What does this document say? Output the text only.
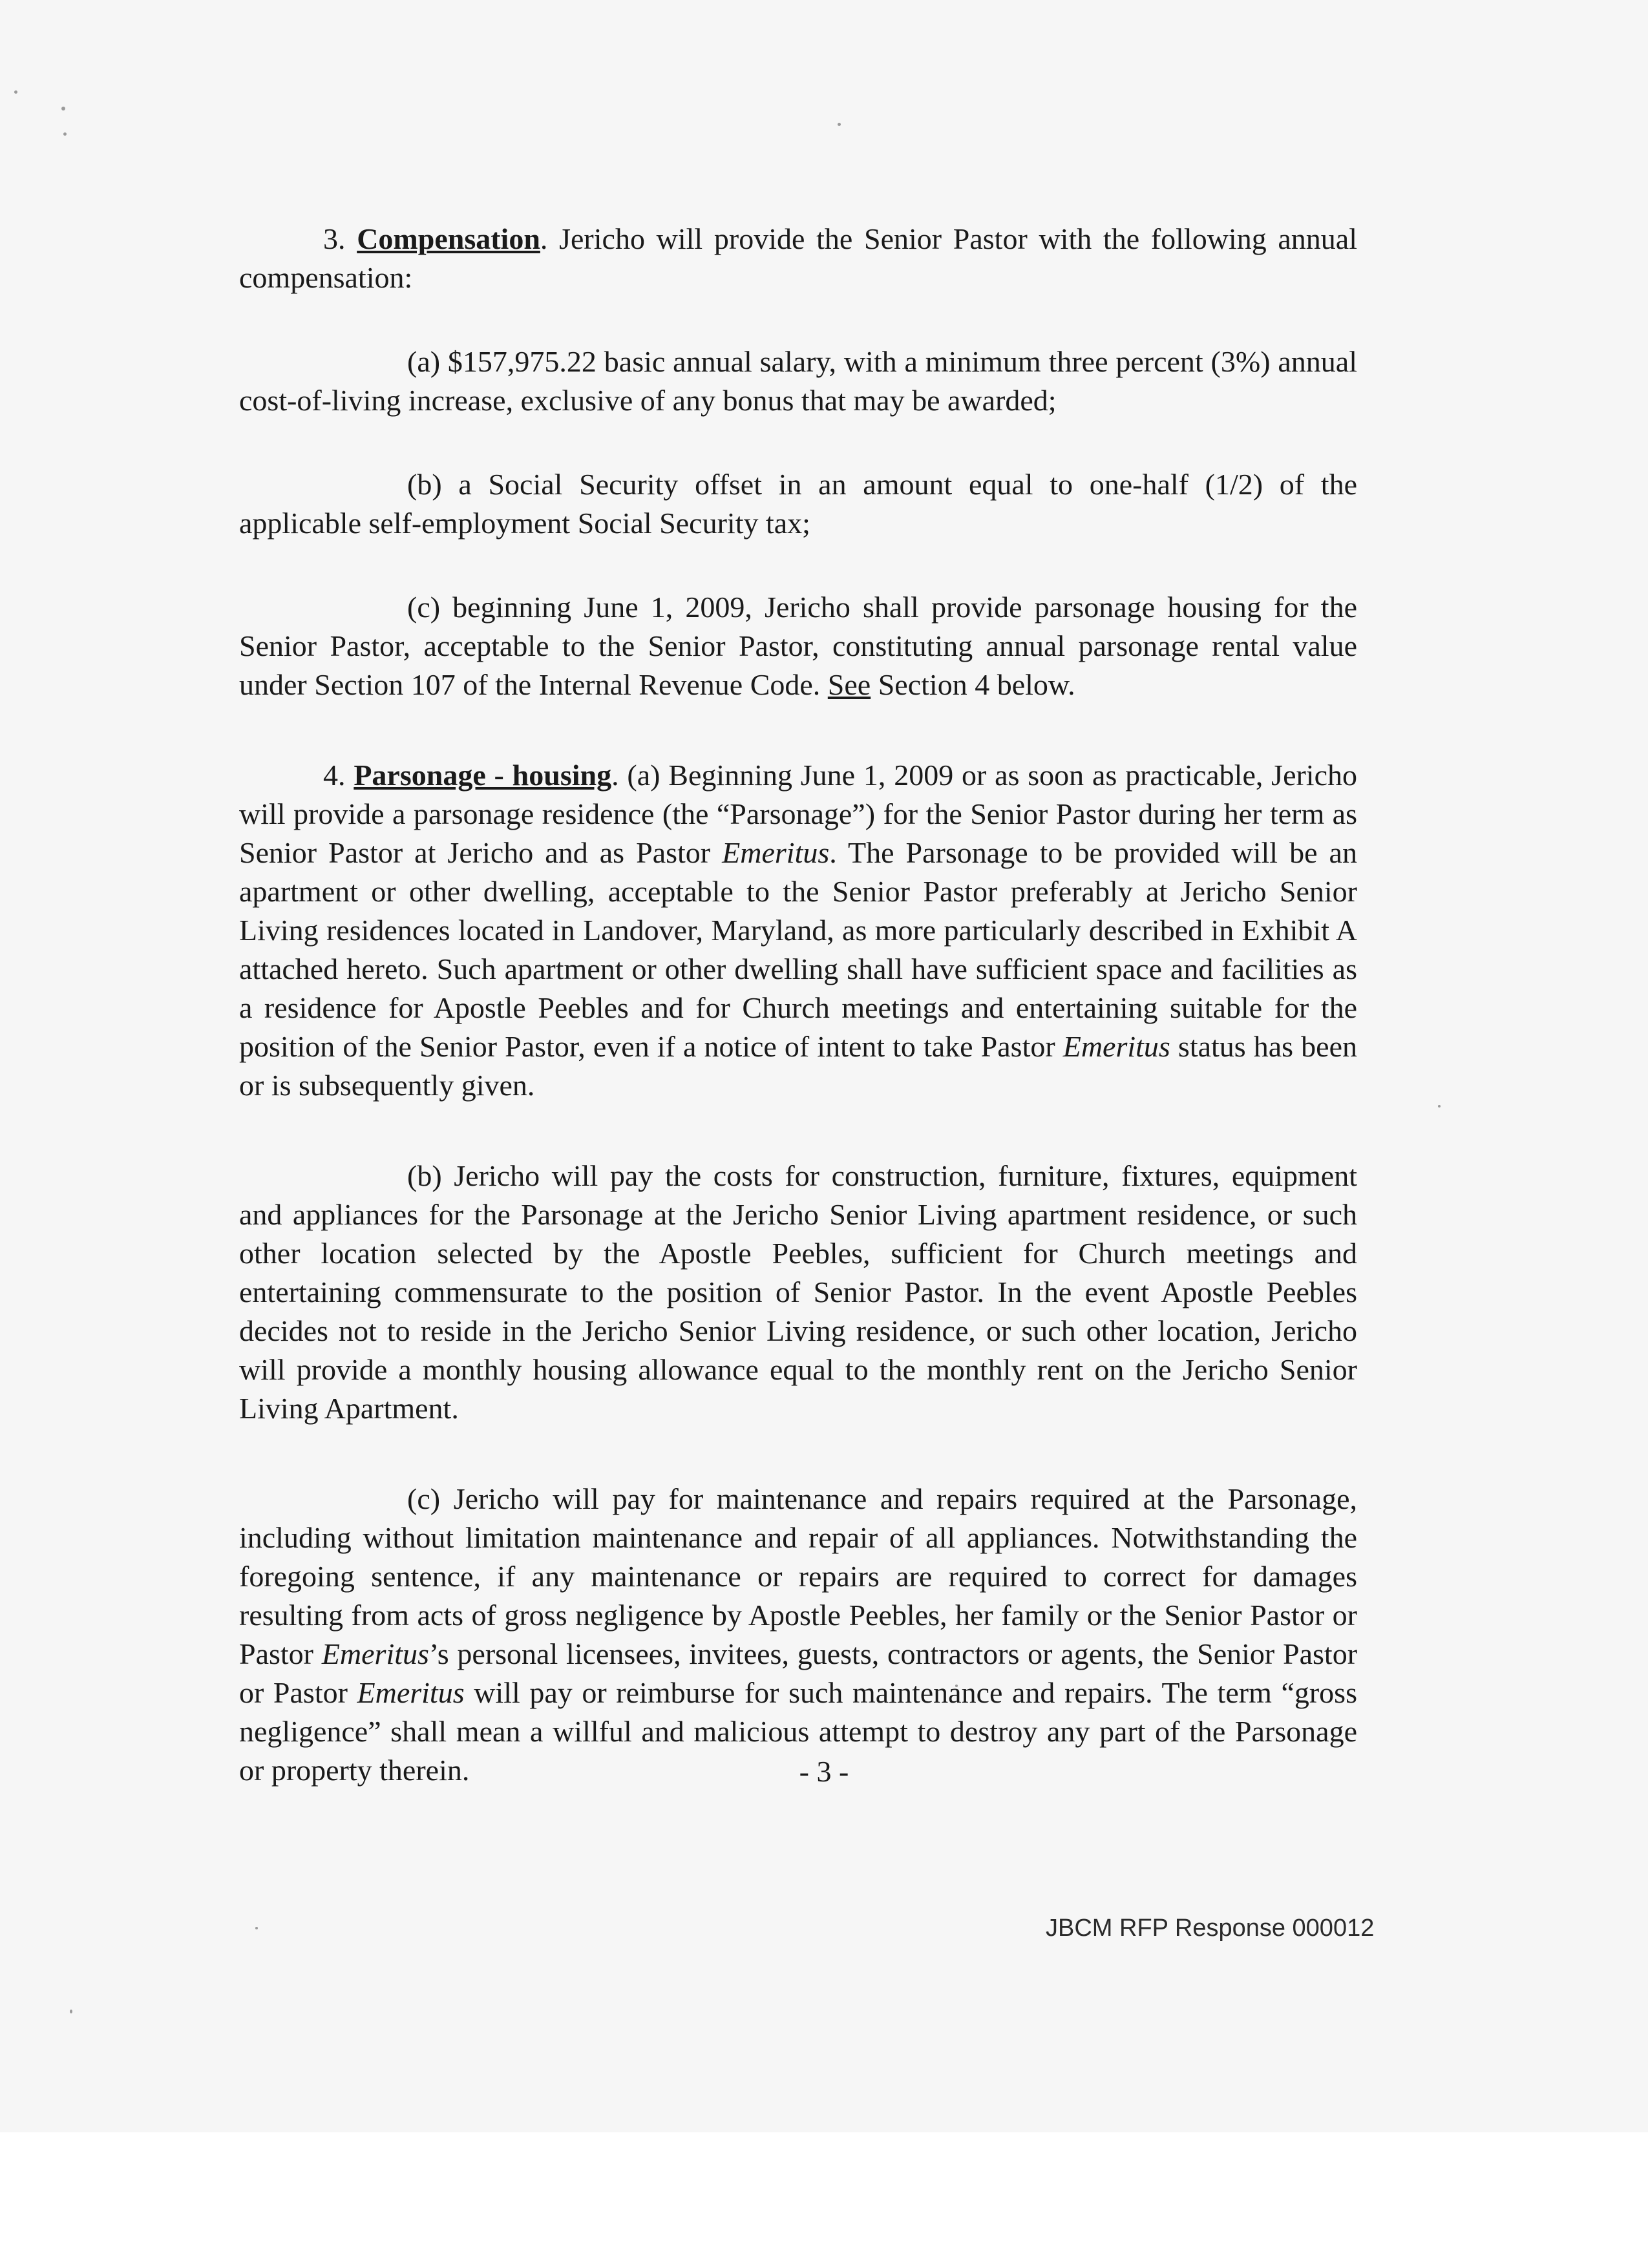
3. Compensation. Jericho will provide the Senior Pastor with the following annual compensation:

(a) $157,975.22 basic annual salary, with a minimum three percent (3%) annual cost-of-living increase, exclusive of any bonus that may be awarded;

(b) a Social Security offset in an amount equal to one-half (1/2) of the applicable self-employment Social Security tax;

(c) beginning June 1, 2009, Jericho shall provide parsonage housing for the Senior Pastor, acceptable to the Senior Pastor, constituting annual parsonage rental value under Section 107 of the Internal Revenue Code. See Section 4 below.

4. Parsonage - housing. (a) Beginning June 1, 2009 or as soon as practicable, Jericho will provide a parsonage residence (the “Parsonage”) for the Senior Pastor during her term as Senior Pastor at Jericho and as Pastor Emeritus. The Parsonage to be provided will be an apartment or other dwelling, acceptable to the Senior Pastor preferably at Jericho Senior Living residences located in Landover, Maryland, as more particularly described in Exhibit A attached hereto. Such apartment or other dwelling shall have sufficient space and facilities as a residence for Apostle Peebles and for Church meetings and entertaining suitable for the position of the Senior Pastor, even if a notice of intent to take Pastor Emeritus status has been or is subsequently given.

(b) Jericho will pay the costs for construction, furniture, fixtures, equipment and appliances for the Parsonage at the Jericho Senior Living apartment residence, or such other location selected by the Apostle Peebles, sufficient for Church meetings and entertaining commensurate to the position of Senior Pastor. In the event Apostle Peebles decides not to reside in the Jericho Senior Living residence, or such other location, Jericho will provide a monthly housing allowance equal to the monthly rent on the Jericho Senior Living Apartment.

(c) Jericho will pay for maintenance and repairs required at the Parsonage, including without limitation maintenance and repair of all appliances. Notwithstanding the foregoing sentence, if any maintenance or repairs are required to correct for damages resulting from acts of gross negligence by Apostle Peebles, her family or the Senior Pastor or Pastor Emeritus’s personal licensees, invitees, guests, contractors or agents, the Senior Pastor or Pastor Emeritus will pay or reimburse for such maintenance and repairs. The term “gross negligence” shall mean a willful and malicious attempt to destroy any part of the Parsonage or property therein.	- 3 -
JBCM RFP Response 000012
